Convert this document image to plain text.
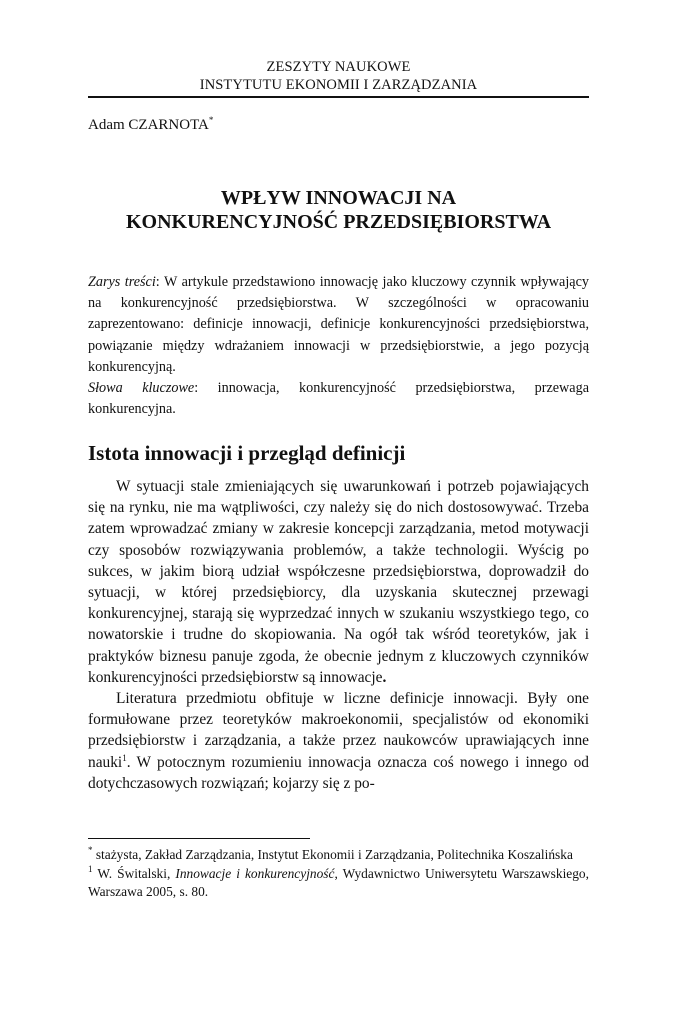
ZESZYTY NAUKOWE
INSTYTUTU EKONOMII I ZARZĄDZANIA
Adam CZARNOTA*
WPŁYW INNOWACJI NA
KONKURENCYJNOŚĆ PRZEDSIĘBIORSTWA

Zarys treści: W artykule przedstawiono innowację jako kluczowy czynnik wpływający na konkurencyjność przedsiębiorstwa. W szczególności w opracowaniu zaprezentowano: definicje innowacji, definicje konkurencyjności przedsiębiorstwa, powiązanie między wdrażaniem innowacji w przedsiębiorstwie, a jego pozycją konkurencyjną.

Słowa kluczowe: innowacja, konkurencyjność przedsiębiorstwa, przewaga konkurencyjna.

Istota innowacji i przegląd definicji

W sytuacji stale zmieniających się uwarunkowań i potrzeb pojawiających się na rynku, nie ma wątpliwości, czy należy się do nich dostosowywać. Trzeba zatem wprowadzać zmiany w zakresie koncepcji zarządzania, metod motywacji czy sposobów rozwiązywania problemów, a także technologii. Wyścig po sukces, w jakim biorą udział współczesne przedsiębiorstwa, doprowadził do sytuacji, w której przedsiębiorcy, dla uzyskania skutecznej przewagi konkurencyjnej, starają się wyprzedzać innych w szukaniu wszystkiego tego, co nowatorskie i trudne do skopiowania. Na ogół tak wśród teoretyków, jak i praktyków biznesu panuje zgoda, że obecnie jednym z kluczowych czynników konkurencyjności przedsiębiorstw są innowacje.

Literatura przedmiotu obfituje w liczne definicje innowacji. Były one formułowane przez teoretyków makroekonomii, specjalistów od ekonomiki przedsiębiorstw i zarządzania, a także przez naukowców uprawiających inne nauki$^1$. W potocznym rozumieniu innowacja oznacza coś nowego i innego od dotychczasowych rozwiązań; kojarzy się z po-

* stażysta, Zakład Zarządzania, Instytut Ekonomii i Zarządzania, Politechnika Koszalińska

$^1$ W. Świtalski, Innowacje i konkurencyjność, Wydawnictwo Uniwersytetu Warszawskiego, Warszawa 2005, s. 80.
